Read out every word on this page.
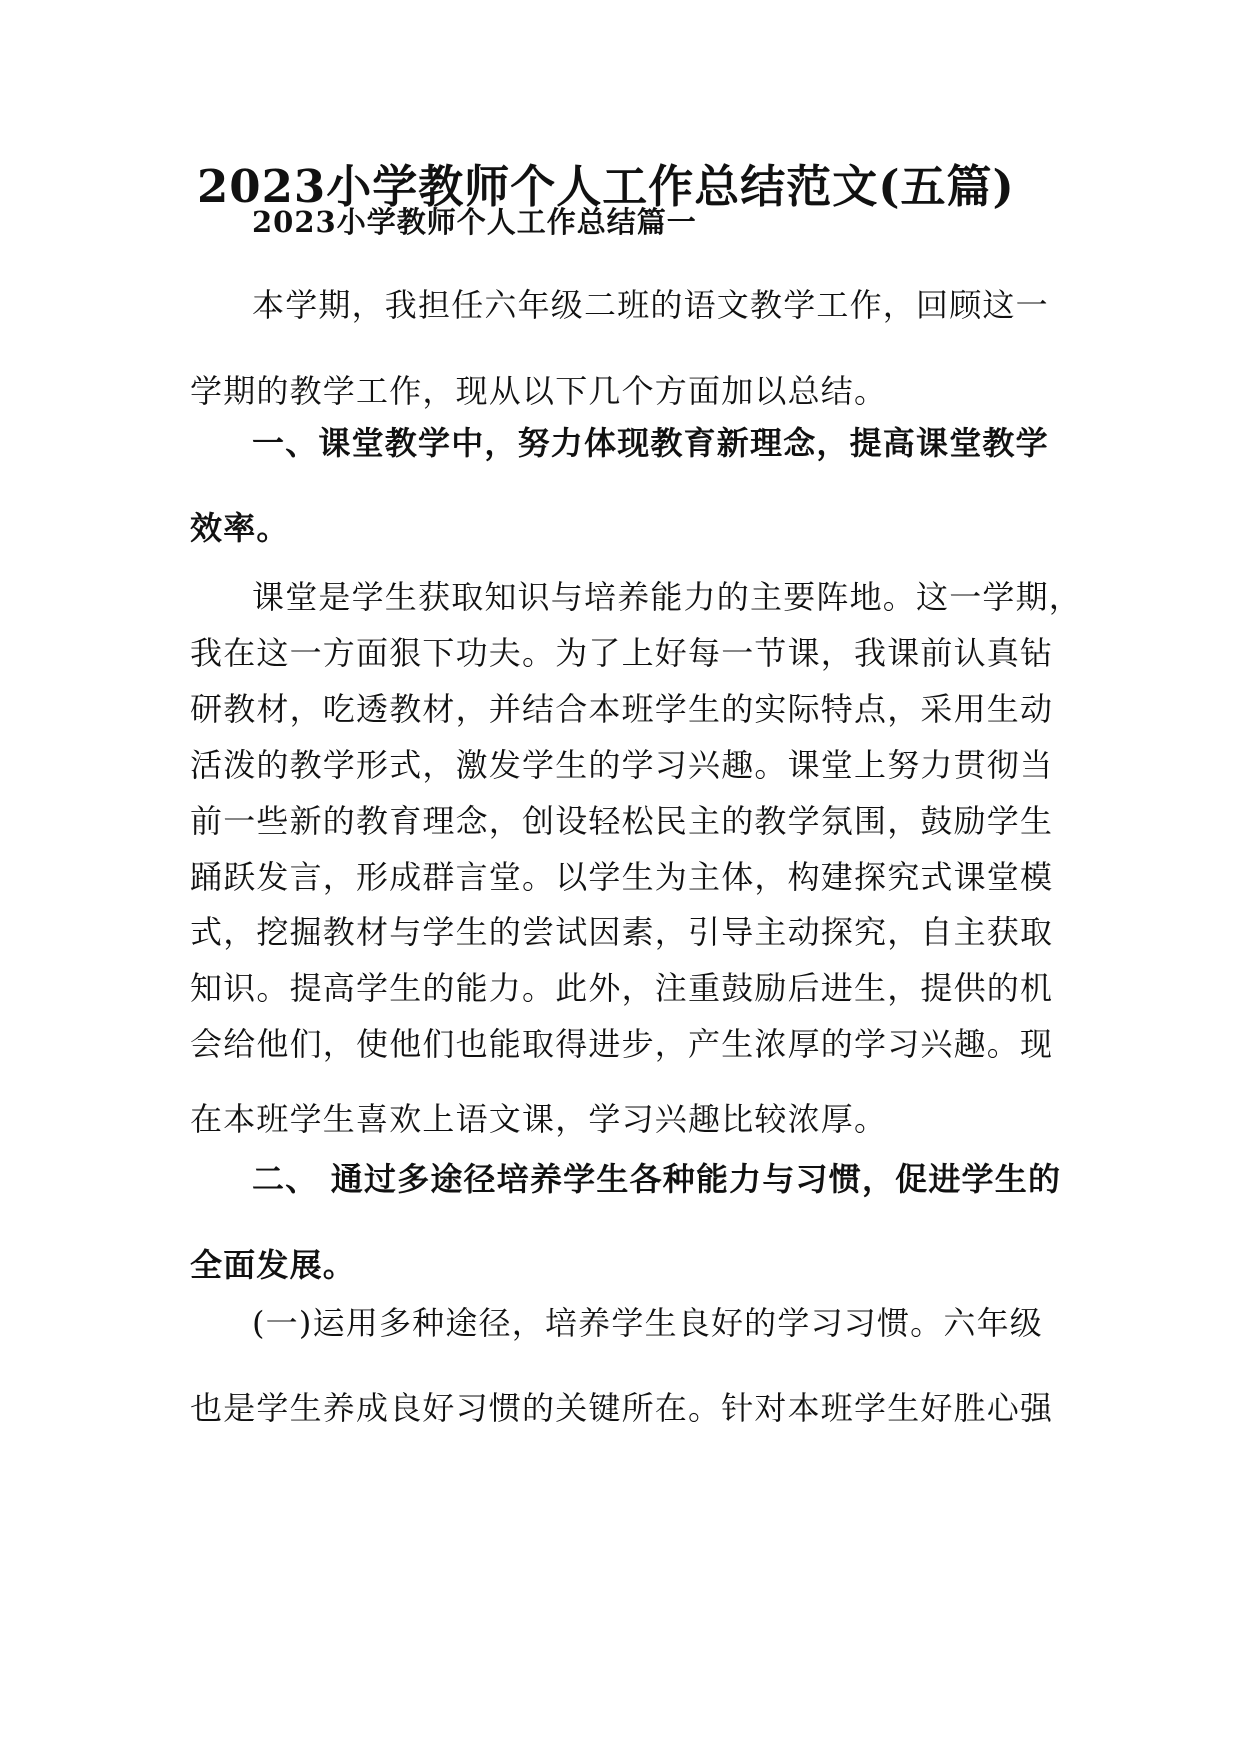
2023小学教师个人工作总结范文(五篇)
2023小学教师个人工作总结篇一
本学期，我担任六年级二班的语文教学工作，回顾这一
学期的教学工作，现从以下几个方面加以总结。
一、课堂教学中，努力体现教育新理念，提高课堂教学
效率。
课堂是学生获取知识与培养能力的主要阵地。这一学期，
我在这一方面狠下功夫。为了上好每一节课，我课前认真钻
研教材，吃透教材，并结合本班学生的实际特点，采用生动
活泼的教学形式，激发学生的学习兴趣。课堂上努力贯彻当
前一些新的教育理念，创设轻松民主的教学氛围，鼓励学生
踊跃发言，形成群言堂。以学生为主体，构建探究式课堂模
式，挖掘教材与学生的尝试因素，引导主动探究，自主获取
知识。提高学生的能力。此外，注重鼓励后进生，提供的机
会给他们，使他们也能取得进步，产生浓厚的学习兴趣。现
在本班学生喜欢上语文课，学习兴趣比较浓厚。
二、 通过多途径培养学生各种能力与习惯，促进学生的
全面发展。
(一)运用多种途径，培养学生良好的学习习惯。六年级
也是学生养成良好习惯的关键所在。针对本班学生好胜心强
